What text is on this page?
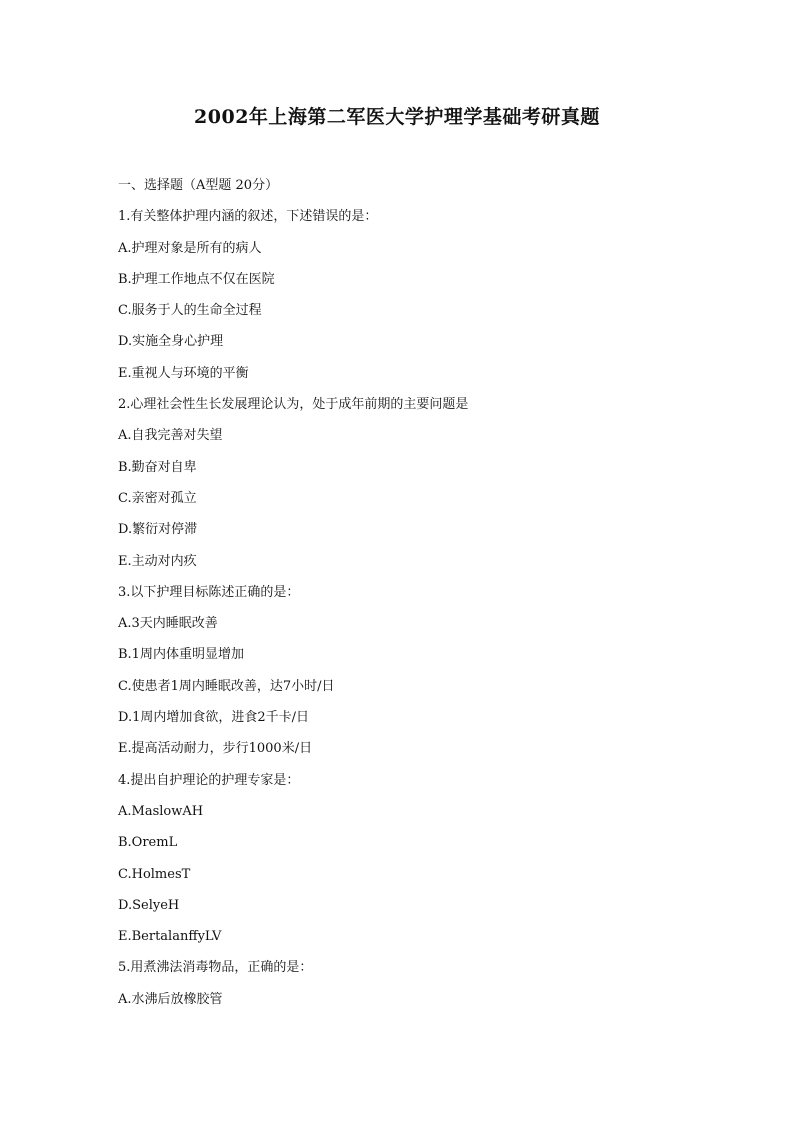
2002年上海第二军医大学护理学基础考研真题
一、选择题（A型题 20分）
1.有关整体护理内涵的叙述，下述错误的是：
A.护理对象是所有的病人
B.护理工作地点不仅在医院
C.服务于人的生命全过程
D.实施全身心护理
E.重视人与环境的平衡
2.心理社会性生长发展理论认为，处于成年前期的主要问题是
A.自我完善对失望
B.勤奋对自卑
C.亲密对孤立
D.繁衍对停滞
E.主动对内疚
3.以下护理目标陈述正确的是：
A.3天内睡眠改善
B.1周内体重明显增加
C.使患者1周内睡眠改善，达7小时/日
D.1周内增加食欲，进食2千卡/日
E.提高活动耐力，步行1000米/日
4.提出自护理论的护理专家是：
A.MaslowAH
B.OremL
C.HolmesT
D.SelyeH
E.BertalanffyLV
5.用煮沸法消毒物品，正确的是：
A.水沸后放橡胶管
